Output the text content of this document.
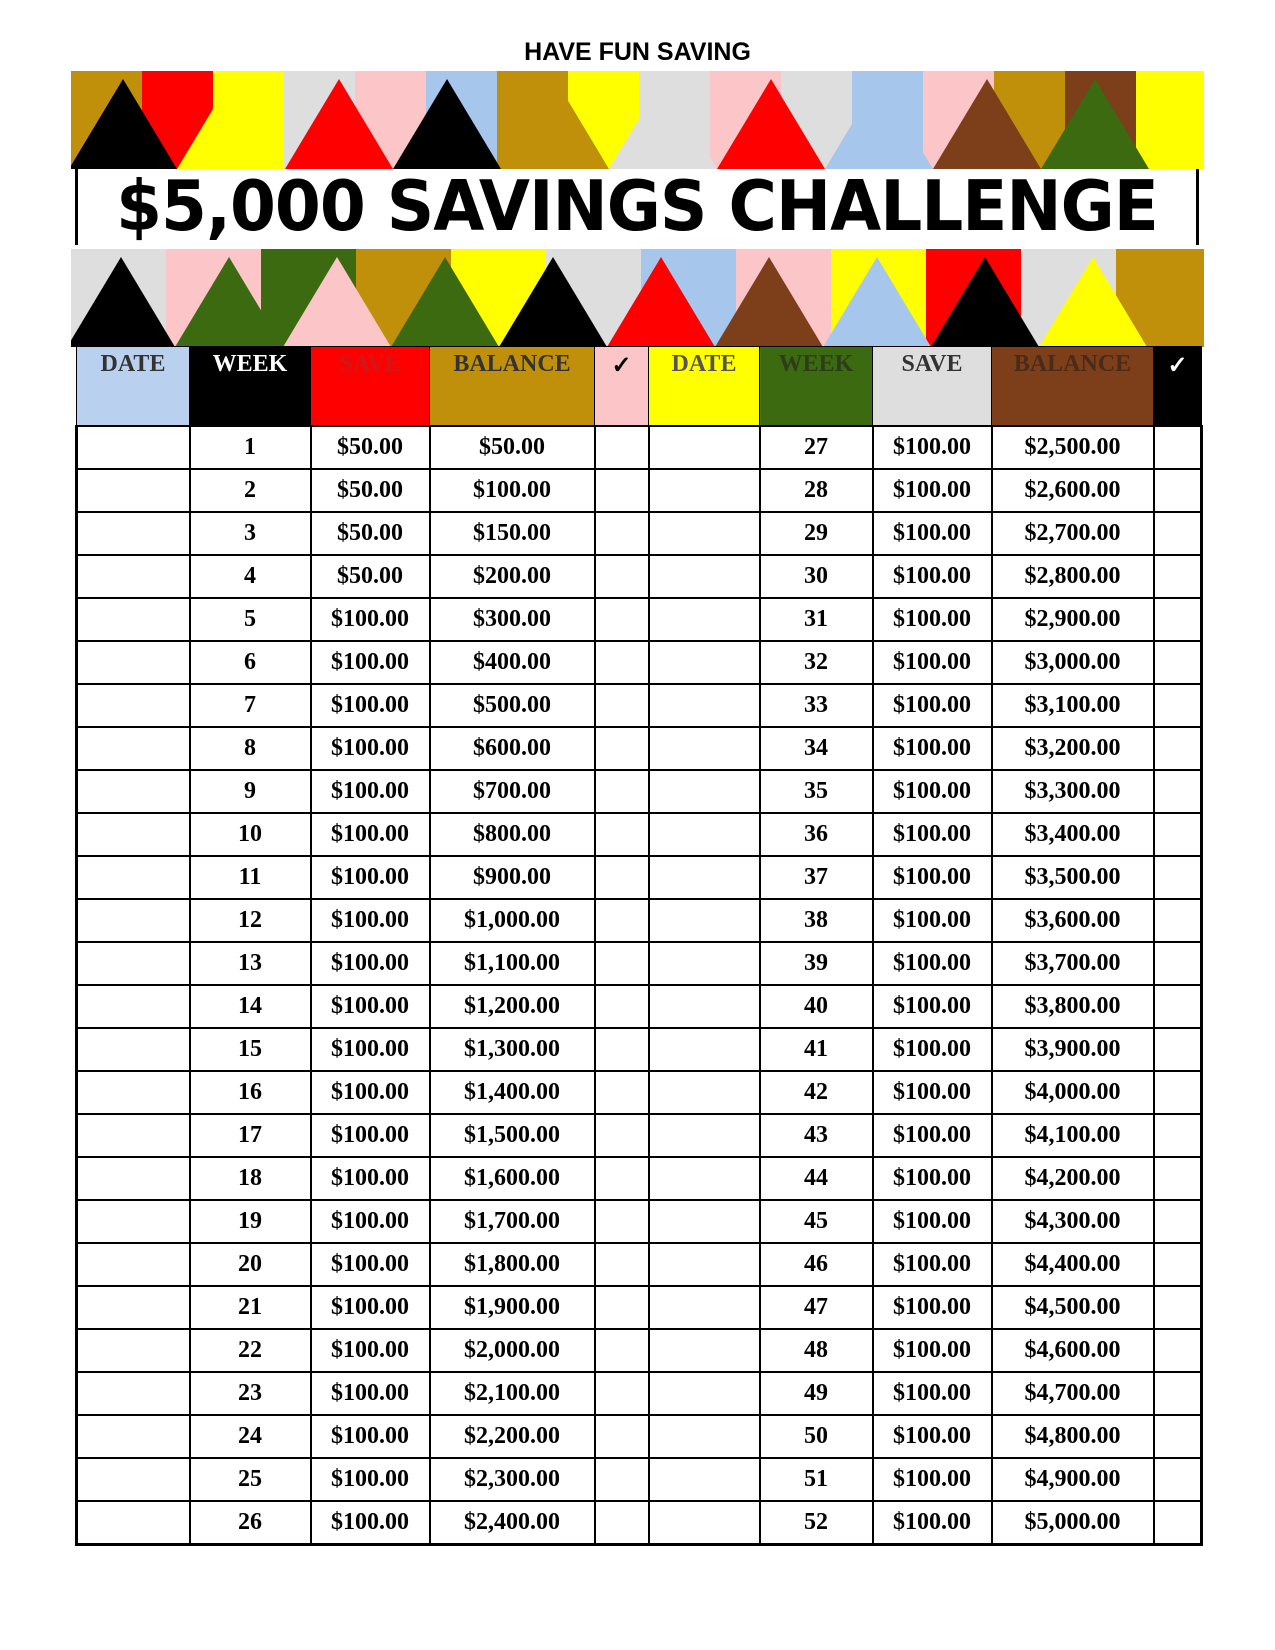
HAVE FUN SAVING
$5,000 SAVINGS CHALLENGE
DATE	WEEK	SAVE	BALANCE	✓	DATE	WEEK	SAVE	BALANCE	✓
	1	$50.00	$50.00			27	$100.00	$2,500.00	
	2	$50.00	$100.00			28	$100.00	$2,600.00	
	3	$50.00	$150.00			29	$100.00	$2,700.00	
	4	$50.00	$200.00			30	$100.00	$2,800.00	
	5	$100.00	$300.00			31	$100.00	$2,900.00	
	6	$100.00	$400.00			32	$100.00	$3,000.00	
	7	$100.00	$500.00			33	$100.00	$3,100.00	
	8	$100.00	$600.00			34	$100.00	$3,200.00	
	9	$100.00	$700.00			35	$100.00	$3,300.00	
	10	$100.00	$800.00			36	$100.00	$3,400.00	
	11	$100.00	$900.00			37	$100.00	$3,500.00	
	12	$100.00	$1,000.00			38	$100.00	$3,600.00	
	13	$100.00	$1,100.00			39	$100.00	$3,700.00	
	14	$100.00	$1,200.00			40	$100.00	$3,800.00	
	15	$100.00	$1,300.00			41	$100.00	$3,900.00	
	16	$100.00	$1,400.00			42	$100.00	$4,000.00	
	17	$100.00	$1,500.00			43	$100.00	$4,100.00	
	18	$100.00	$1,600.00			44	$100.00	$4,200.00	
	19	$100.00	$1,700.00			45	$100.00	$4,300.00	
	20	$100.00	$1,800.00			46	$100.00	$4,400.00	
	21	$100.00	$1,900.00			47	$100.00	$4,500.00	
	22	$100.00	$2,000.00			48	$100.00	$4,600.00	
	23	$100.00	$2,100.00			49	$100.00	$4,700.00	
	24	$100.00	$2,200.00			50	$100.00	$4,800.00	
	25	$100.00	$2,300.00			51	$100.00	$4,900.00	
	26	$100.00	$2,400.00			52	$100.00	$5,000.00	
